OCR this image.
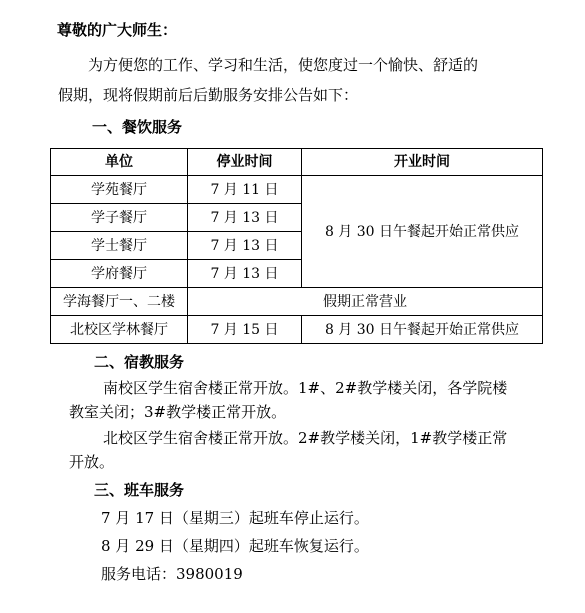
尊敬的广大师生：
为方便您的工作、学习和生活，使您度过一个愉快、舒适的
假期，现将假期前后后勤服务安排公告如下：
一、餐饮服务
单位	停业时间	开业时间
学苑餐厅	7 月 11 日	8 月 30 日午餐起开始正常供应
学子餐厅	7 月 13 日	
学士餐厅	7 月 13 日	
学府餐厅	7 月 13 日	
学海餐厅一、二楼	假期正常营业	
北校区学林餐厅	7 月 15 日	8 月 30 日午餐起开始正常供应
二、宿教服务
南校区学生宿舍楼正常开放。1#、2#教学楼关闭，各学院楼
教室关闭；3#教学楼正常开放。
北校区学生宿舍楼正常开放。2#教学楼关闭，1#教学楼正常
开放。
三、班车服务
7 月 17 日（星期三）起班车停止运行。
8 月 29 日（星期四）起班车恢复运行。
服务电话：3980019
